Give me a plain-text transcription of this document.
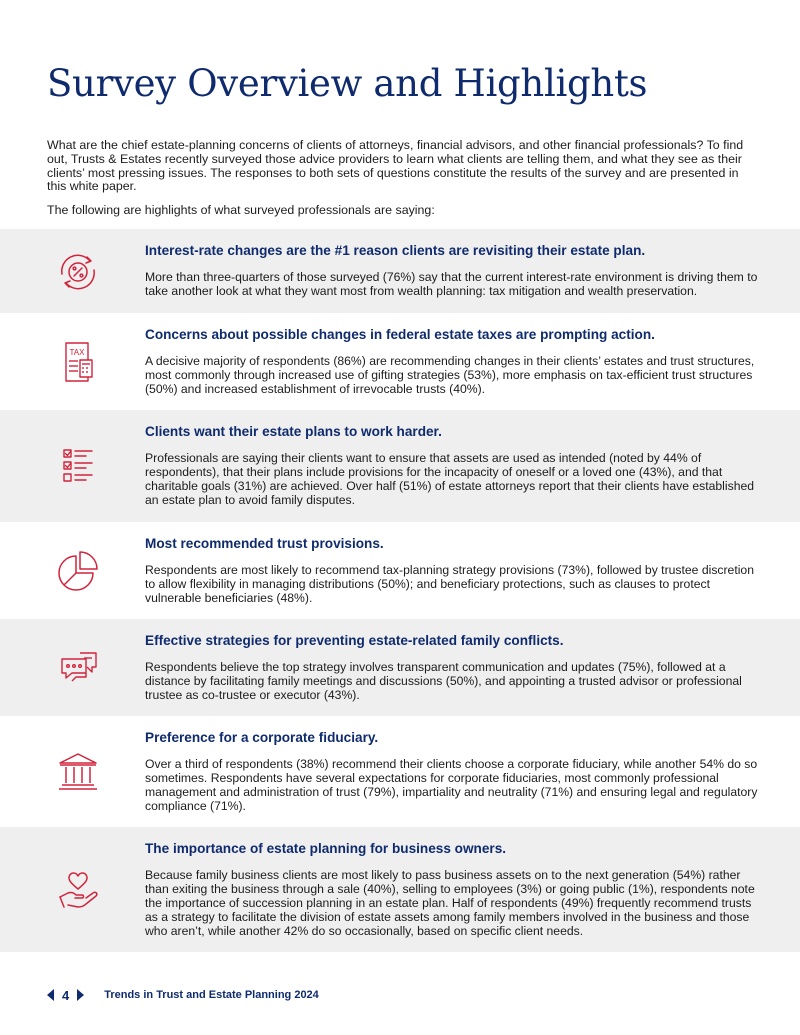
Survey Overview and Highlights

What are the chief estate-planning concerns of clients of attorneys, financial advisors, and other financial professionals? To find out, Trusts & Estates recently surveyed those advice providers to learn what clients are telling them, and what they see as their clients’ most pressing issues. The responses to both sets of questions constitute the results of the survey and are presented in this white paper.

The following are highlights of what surveyed professionals are saying:

Interest-rate changes are the #1 reason clients are revisiting their estate plan.

More than three-quarters of those surveyed (76%) say that the current interest-rate environment is driving them to take another look at what they want most from wealth planning: tax mitigation and wealth preservation.

TAX
Concerns about possible changes in federal estate taxes are prompting action.

A decisive majority of respondents (86%) are recommending changes in their clients’ estates and trust structures, most commonly through increased use of gifting strategies (53%), more emphasis on tax-efficient trust structures (50%) and increased establishment of irrevocable trusts (40%).

Clients want their estate plans to work harder.

Professionals are saying their clients want to ensure that assets are used as intended (noted by 44% of respondents), that their plans include provisions for the incapacity of oneself or a loved one (43%), and that charitable goals (31%) are achieved. Over half (51%) of estate attorneys report that their clients have established an estate plan to avoid family disputes.

Most recommended trust provisions.

Respondents are most likely to recommend tax-planning strategy provisions (73%), followed by trustee discretion to allow flexibility in managing distributions (50%); and beneficiary protections, such as clauses to protect vulnerable beneficiaries (48%).

Effective strategies for preventing estate-related family conflicts.

Respondents believe the top strategy involves transparent communication and updates (75%), followed at a distance by facilitating family meetings and discussions (50%), and appointing a trusted advisor or professional trustee as co-trustee or executor (43%).

Preference for a corporate fiduciary.

Over a third of respondents (38%) recommend their clients choose a corporate fiduciary, while another 54% do so sometimes. Respondents have several expectations for corporate fiduciaries, most commonly professional management and administration of trust (79%), impartiality and neutrality (71%) and ensuring legal and regulatory compliance (71%).

The importance of estate planning for business owners.

Because family business clients are most likely to pass business assets on to the next generation (54%) rather than exiting the business through a sale (40%), selling to employees (3%) or going public (1%), respondents note the importance of succession planning in an estate plan. Half of respondents (49%) frequently recommend trusts as a strategy to facilitate the division of estate assets among family members involved in the business and those who aren’t, while another 42% do so occasionally, based on specific client needs.

4	Trends in Trust and Estate Planning 2024
